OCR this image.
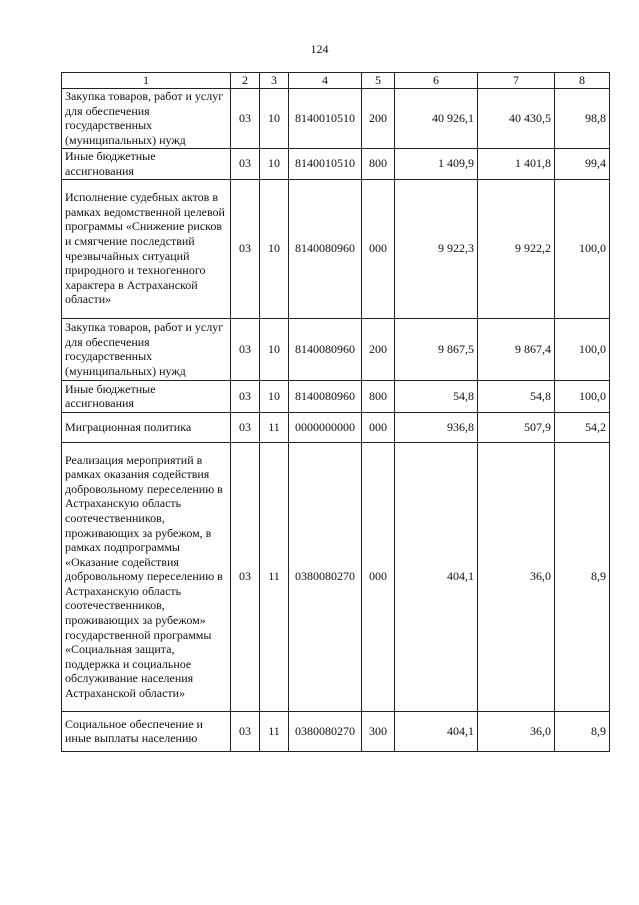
124
1	2	3	4	5	6	7	8
Закупка товаров, работ и услуг для обеспечения государственных (муниципальных) нужд	03	10	8140010510	200	40 926,1	40 430,5	98,8
Иные бюджетные ассигнования	03	10	8140010510	800	1 409,9	1 401,8	99,4
Исполнение судебных актов в рамках ведомственной целевой программы «Снижение рисков и смягчение последствий чрезвычайных ситуаций природного и техногенного характера в Астраханской области»	03	10	8140080960	000	9 922,3	9 922,2	100,0
Закупка товаров, работ и услуг для обеспечения государственных (муниципальных) нужд	03	10	8140080960	200	9 867,5	9 867,4	100,0
Иные бюджетные ассигнования	03	10	8140080960	800	54,8	54,8	100,0
Миграционная политика	03	11	0000000000	000	936,8	507,9	54,2
Реализация мероприятий в рамках оказания содействия добровольному переселению в Астраханскую область соотечественников, проживающих за рубежом, в рамках подпрограммы «Оказание содействия добровольному переселению в Астраханскую область соотечественников, проживающих за рубежом» государственной программы «Социальная защита, поддержка и социальное обслуживание населения Астраханской области»	03	11	0380080270	000	404,1	36,0	8,9
Социальное обеспечение и иные выплаты населению	03	11	0380080270	300	404,1	36,0	8,9
